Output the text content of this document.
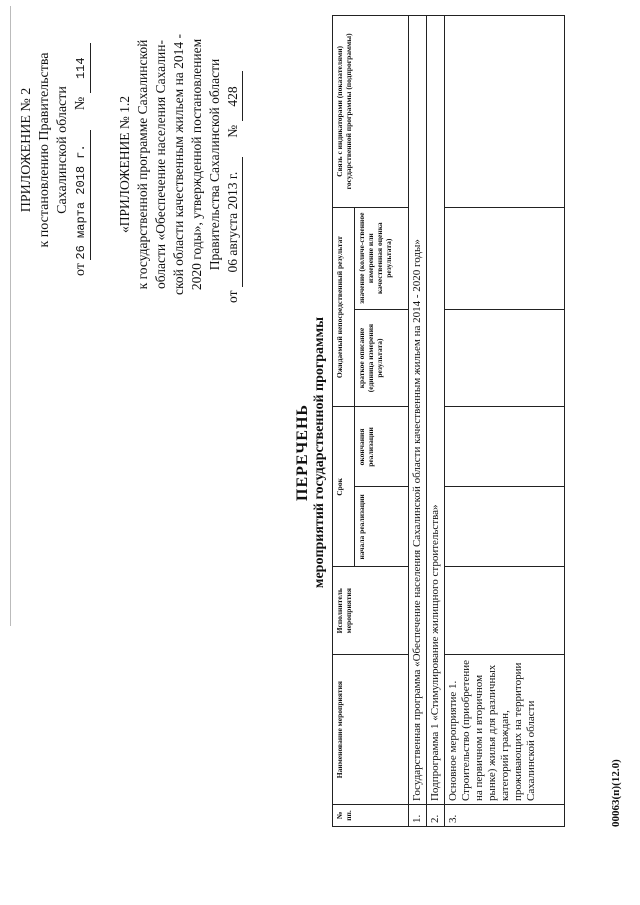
ПРИЛОЖЕНИЕ № 2 к постановлению Правительства Сахалинской области
от 26 марта 2018 г. № 114
«ПРИЛОЖЕНИЕ № 1.2 к государственной программе Сахалинской области «Обеспечение населения Сахалин- ской области качественным жильем на 2014 - 2020 годы», утвержденной постановлением Правительства Сахалинской области
от 06 августа 2013 г. № 428
ПЕРЕЧЕНЬ мероприятий государственной программы
№ пп.	Наименование мероприятия	Исполнитель мероприятия	Срок		Ожидаемый непосредственный результат		Связь с индикаторами (показателями) государственной программы (подпрограммы)
			начала реализации	окончания реализации	краткое описание (единица измерения результата)	значение (количе-ственное измерение или качественная оценка результата)	
1.	Государственная программа «Обеспечение населения Сахалинской области качественным жильем на 2014 - 2020 годы»						
2.	Подпрограмма 1 «Стимулирование жилищного строительства»						
3.	Основное мероприятие 1. Строительство (приобретение на первичном и вторичном рынке) жилья для различных категорий граждан, проживающих на территории Сахалинской области							00063(п)(12.0)
